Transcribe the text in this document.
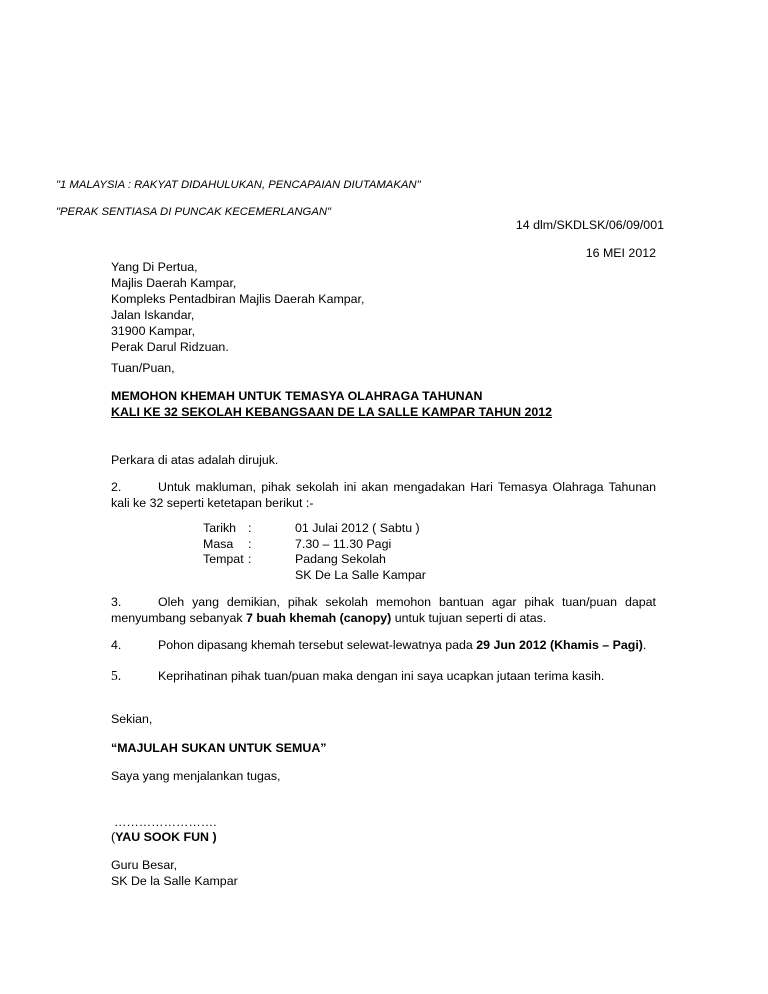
"1 MALAYSIA : RAKYAT DIDAHULUKAN, PENCAPAIAN DIUTAMAKAN"
"PERAK SENTIASA DI PUNCAK KECEMERLANGAN"
14 dlm/SKDLSK/06/09/001
16 MEI 2012
Yang Di Pertua,
Majlis Daerah Kampar,
Kompleks Pentadbiran Majlis Daerah Kampar,
Jalan Iskandar,
31900 Kampar,
Perak Darul Ridzuan.
Tuan/Puan,
MEMOHON KHEMAH UNTUK TEMASYA OLAHRAGA TAHUNAN
KALI KE 32 SEKOLAH KEBANGSAAN DE LA SALLE KAMPAR TAHUN 2012
Perkara di atas adalah dirujuk.
2.	Untuk makluman, pihak sekolah ini akan mengadakan Hari Temasya Olahraga Tahunan kali ke 32 seperti ketetapan berikut :-
Tarikh :	01 Julai 2012 ( Sabtu )
Masa :	7.30 – 11.30 Pagi
Tempat :	Padang Sekolah
SK De La Salle Kampar
3.	Oleh yang demikian, pihak sekolah memohon bantuan agar pihak tuan/puan dapat menyumbang sebanyak 7 buah khemah (canopy) untuk tujuan seperti di atas.
4.	Pohon dipasang khemah tersebut selewat-lewatnya pada 29 Jun 2012 (Khamis – Pagi).
5.	Keprihatinan pihak tuan/puan maka dengan ini saya ucapkan jutaan terima kasih.
Sekian,
“MAJULAH SUKAN UNTUK SEMUA”
Saya yang menjalankan tugas,
…………………….
(YAU SOOK FUN )
Guru Besar,
SK De la Salle Kampar
